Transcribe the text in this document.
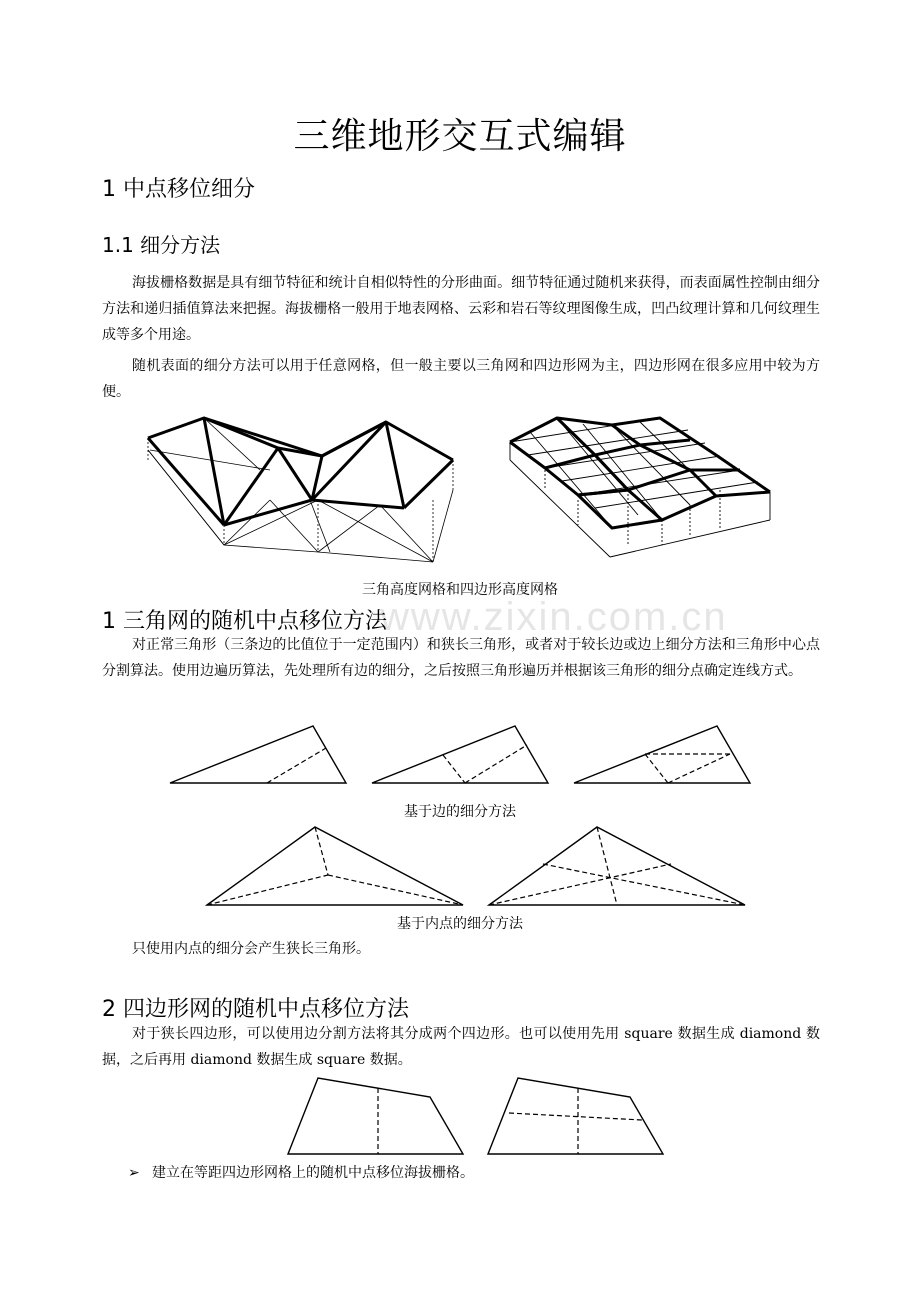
三维地形交互式编辑
1 中点移位细分
1.1 细分方法
海拔栅格数据是具有细节特征和统计自相似特性的分形曲面。细节特征通过随机来获得，而表面属性控制由细分方法和递归插值算法来把握。海拔栅格一般用于地表网格、云彩和岩石等纹理图像生成，凹凸纹理计算和几何纹理生成等多个用途。
随机表面的细分方法可以用于任意网格，但一般主要以三角网和四边形网为主，四边形网在很多应用中较为方便。
三角高度网格和四边形高度网格
www.zixin.com.cn
1 三角网的随机中点移位方法
对正常三角形（三条边的比值位于一定范围内）和狭长三角形，或者对于较长边或边上细分方法和三角形中心点分割算法。使用边遍历算法，先处理所有边的细分，之后按照三角形遍历并根据该三角形的细分点确定连线方式。
基于边的细分方法
基于内点的细分方法
只使用内点的细分会产生狭长三角形。
2 四边形网的随机中点移位方法
对于狭长四边形，可以使用边分割方法将其分成两个四边形。也可以使用先用 square 数据生成 diamond 数据，之后再用 diamond 数据生成 square 数据。
➢ 建立在等距四边形网格上的随机中点移位海拔栅格。
